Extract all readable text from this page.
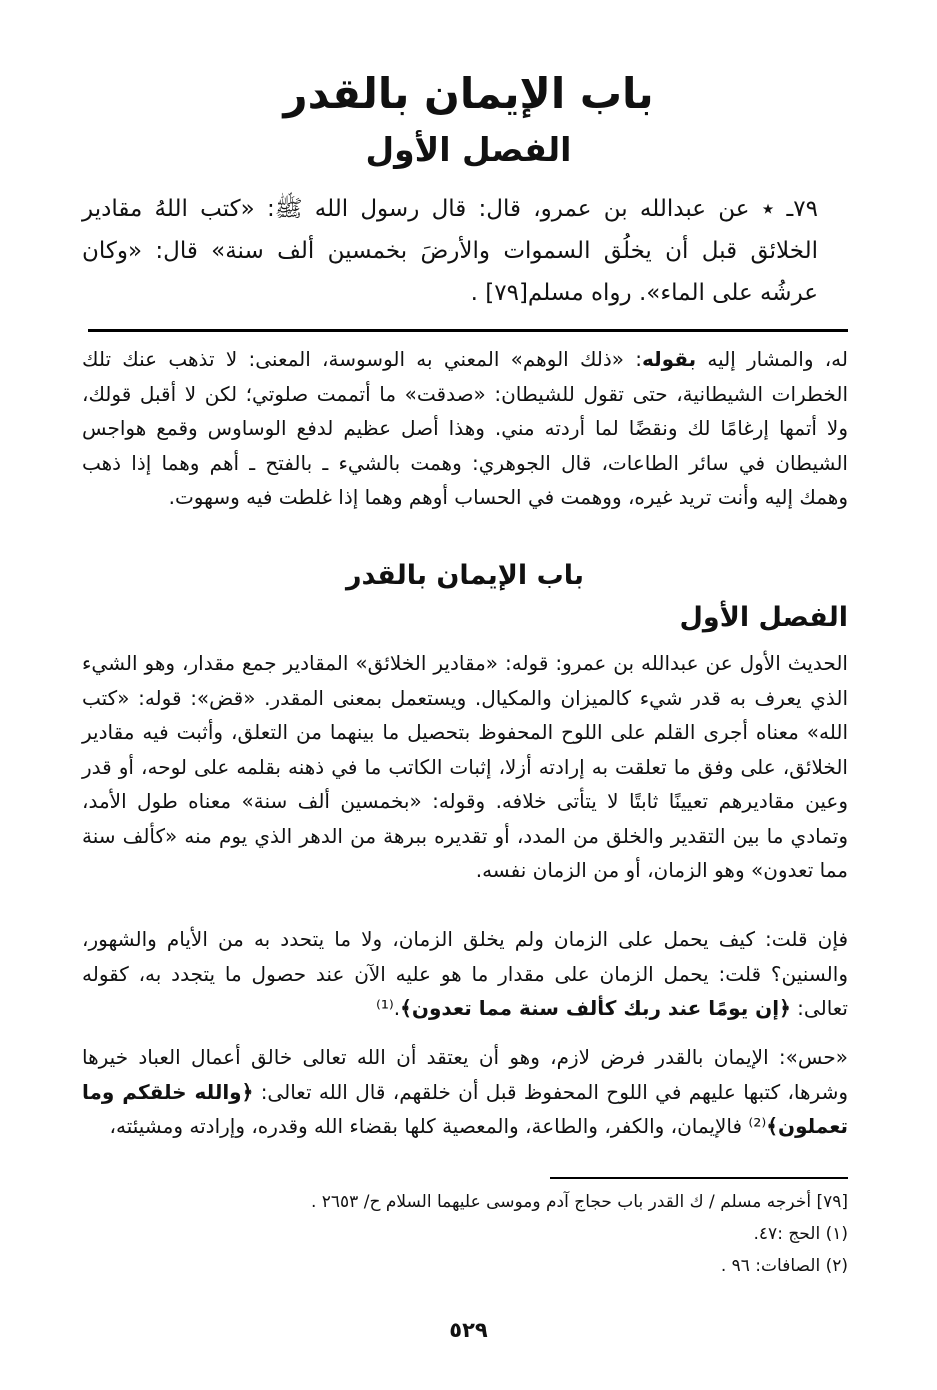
باب الإيمان بالقدر
الفصل الأول
٧٩ـ ٭ عن عبدالله بن عمرو، قال: قال رسول الله ﷺ: «كتب اللهُ مقادير الخلائق قبل أن يخلُق السموات والأرضَ بخمسين ألف سنة» قال: «وكان عرشُه على الماء». رواه مسلم[٧٩] .

له، والمشار إليه بقوله: «ذلك الوهم» المعني به الوسوسة، المعنى: لا تذهب عنك تلك الخطرات الشيطانية، حتى تقول للشيطان: «صدقت» ما أتممت صلوتي؛ لكن لا أقبل قولك، ولا أتمها إرغامًا لك ونقضًا لما أردته مني. وهذا أصل عظيم لدفع الوساوس وقمع هواجس الشيطان في سائر الطاعات، قال الجوهري: وهمت بالشيء ـ بالفتح ـ أهم وهما إذا ذهب وهمك إليه وأنت تريد غيره، ووهمت في الحساب أوهم وهما إذا غلطت فيه وسهوت.

باب الإيمان بالقدر
الفصل الأول

الحديث الأول عن عبدالله بن عمرو: قوله: «مقادير الخلائق» المقادير جمع مقدار، وهو الشيء الذي يعرف به قدر شيء كالميزان والمكيال. ويستعمل بمعنى المقدر. «قض»: قوله: «كتب الله» معناه أجرى القلم على اللوح المحفوظ بتحصيل ما بينهما من التعلق، وأثبت فيه مقادير الخلائق، على وفق ما تعلقت به إرادته أزلا، إثبات الكاتب ما في ذهنه بقلمه على لوحه، أو قدر وعين مقاديرهم تعيينًا ثابتًا لا يتأتى خلافه. وقوله: «بخمسين ألف سنة» معناه طول الأمد، وتمادي ما بين التقدير والخلق من المدد، أو تقديره ببرهة من الدهر الذي يوم منه «كألف سنة مما تعدون» وهو الزمان، أو من الزمان نفسه.

فإن قلت: كيف يحمل على الزمان ولم يخلق الزمان، ولا ما يتحدد به من الأيام والشهور، والسنين؟ قلت: يحمل الزمان على مقدار ما هو عليه الآن عند حصول ما يتجدد به، كقوله تعالى: ﴿إن يومًا عند ربك كألف سنة مما تعدون﴾.⁽¹⁾

«حس»: الإيمان بالقدر فرض لازم، وهو أن يعتقد أن الله تعالى خالق أعمال العباد خيرها وشرها، كتبها عليهم في اللوح المحفوظ قبل أن خلقهم، قال الله تعالى: ﴿والله خلقكم وما تعملون﴾⁽²⁾ فالإيمان، والكفر، والطاعة، والمعصية كلها بقضاء الله وقدره، وإرادته ومشيئته،

[٧٩] أخرجه مسلم / ك القدر باب حجاج آدم وموسى عليهما السلام ح/ ٢٦٥٣ .
(١) الحج :٤٧.
(٢) الصافات: ٩٦ .
٥٢٩
